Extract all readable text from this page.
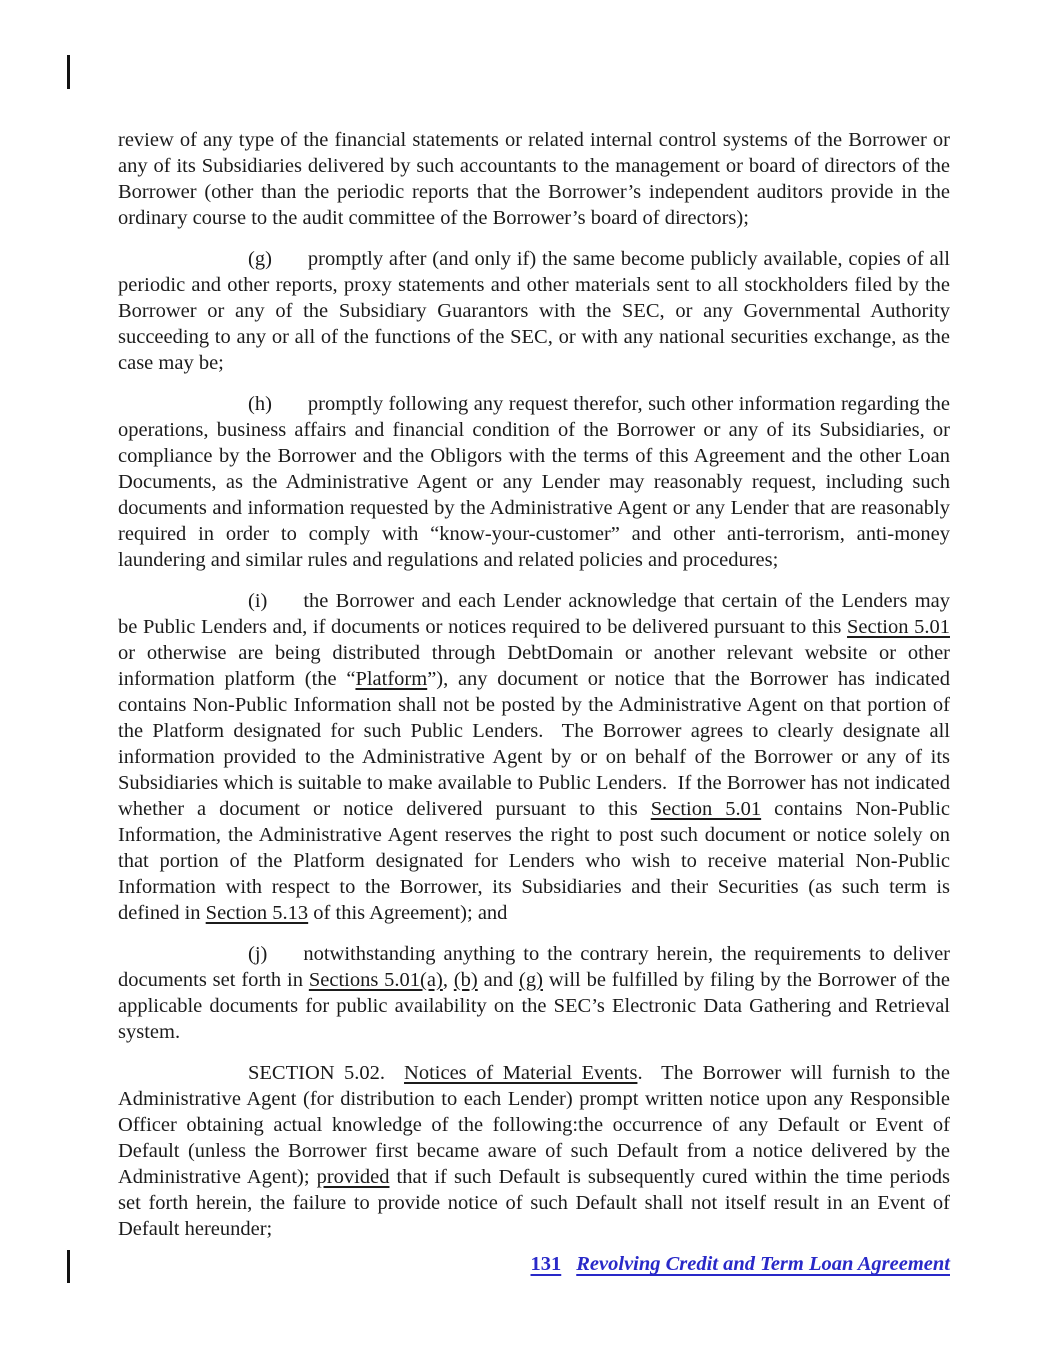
review of any type of the financial statements or related internal control systems of the Borrower or any of its Subsidiaries delivered by such accountants to the management or board of directors of the Borrower (other than the periodic reports that the Borrower’s independent auditors provide in the ordinary course to the audit committee of the Borrower’s board of directors);

(g) promptly after (and only if) the same become publicly available, copies of all periodic and other reports, proxy statements and other materials sent to all stockholders filed by the Borrower or any of the Subsidiary Guarantors with the SEC, or any Governmental Authority succeeding to any or all of the functions of the SEC, or with any national securities exchange, as the case may be;

(h) promptly following any request therefor, such other information regarding the operations, business affairs and financial condition of the Borrower or any of its Subsidiaries, or compliance by the Borrower and the Obligors with the terms of this Agreement and the other Loan Documents, as the Administrative Agent or any Lender may reasonably request, including such documents and information requested by the Administrative Agent or any Lender that are reasonably required in order to comply with “know-your-customer” and other anti-terrorism, anti-money laundering and similar rules and regulations and related policies and procedures;

(i) the Borrower and each Lender acknowledge that certain of the Lenders may be Public Lenders and, if documents or notices required to be delivered pursuant to this Section 5.01 or otherwise are being distributed through DebtDomain or another relevant website or other information platform (the “Platform”), any document or notice that the Borrower has indicated contains Non-Public Information shall not be posted by the Administrative Agent on that portion of the Platform designated for such Public Lenders.  The Borrower agrees to clearly designate all information provided to the Administrative Agent by or on behalf of the Borrower or any of its Subsidiaries which is suitable to make available to Public Lenders.  If the Borrower has not indicated whether a document or notice delivered pursuant to this Section 5.01 contains Non-Public Information, the Administrative Agent reserves the right to post such document or notice solely on that portion of the Platform designated for Lenders who wish to receive material Non-Public Information with respect to the Borrower, its Subsidiaries and their Securities (as such term is defined in Section 5.13 of this Agreement); and

(j) notwithstanding anything to the contrary herein, the requirements to deliver documents set forth in Sections 5.01(a), (b) and (g) will be fulfilled by filing by the Borrower of the applicable documents for public availability on the SEC’s Electronic Data Gathering and Retrieval system.

SECTION 5.02.  Notices of Material Events.  The Borrower will furnish to the Administrative Agent (for distribution to each Lender) prompt written notice upon any Responsible Officer obtaining actual knowledge of the following:the occurrence of any Default or Event of Default (unless the Borrower first became aware of such Default from a notice delivered by the Administrative Agent); provided that if such Default is subsequently cured within the time periods set forth herein, the failure to provide notice of such Default shall not itself result in an Event of Default hereunder;

131 Revolving Credit and Term Loan Agreement
